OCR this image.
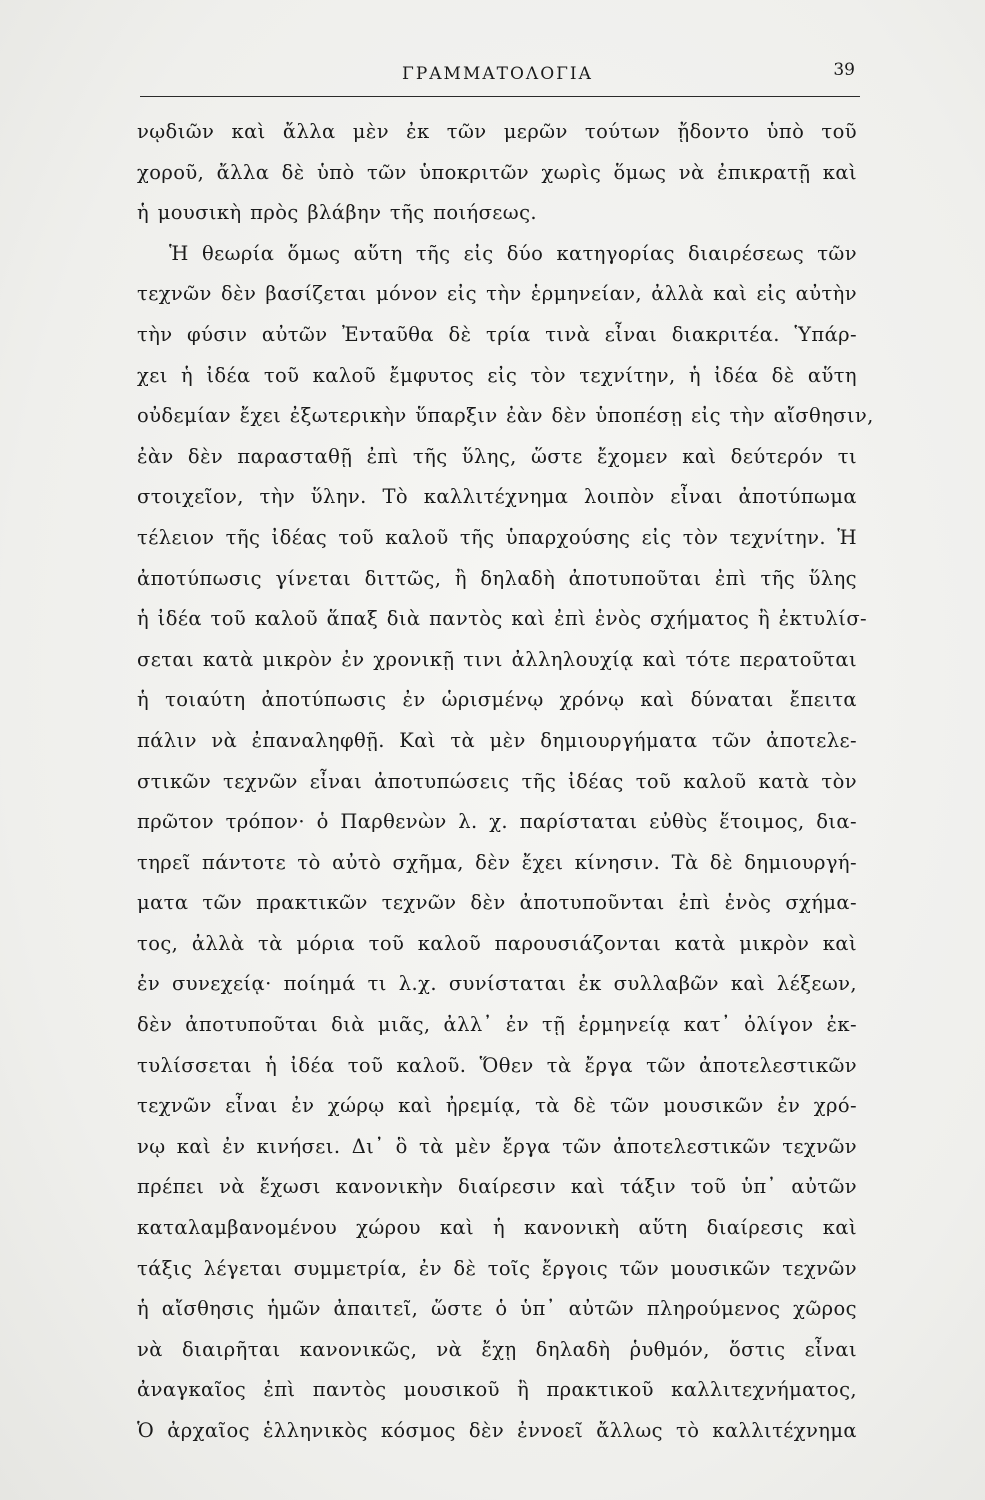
ΓΡΑΜΜΑΤΟΛΟΓΙΑ	39
νῳδιῶν καὶ ἄλλα μὲν ἐκ τῶν μερῶν τούτων ᾔδοντο ὑπὸ τοῦ
χοροῦ, ἄλλα δὲ ὑπὸ τῶν ὑποκριτῶν χωρὶς ὅμως νὰ ἐπικρατῇ καὶ
ἡ μουσικὴ πρὸς βλάβην τῆς ποιήσεως.
Ἡ θεωρία ὅμως αὕτη τῆς εἰς δύο κατηγορίας διαιρέσεως τῶν
τεχνῶν δὲν βασίζεται μόνον εἰς τὴν ἑρμηνείαν, ἀλλὰ καὶ εἰς αὐτὴν
τὴν φύσιν αὐτῶν Ἐνταῦθα δὲ τρία τινὰ εἶναι διακριτέα. Ὑπάρ-
χει ἡ ἰδέα τοῦ καλοῦ ἔμφυτος εἰς τὸν τεχνίτην, ἡ ἰδέα δὲ αὕτη
οὐδεμίαν ἔχει ἐξωτερικὴν ὕπαρξιν ἐὰν δὲν ὑποπέσῃ εἰς τὴν αἴσθησιν,
ἐὰν δὲν παρασταθῇ ἐπὶ τῆς ὕλης, ὥστε ἔχομεν καὶ δεύτερόν τι
στοιχεῖον, τὴν ὕλην. Τὸ καλλιτέχνημα λοιπὸν εἶναι ἀποτύπωμα
τέλειον τῆς ἰδέας τοῦ καλοῦ τῆς ὑπαρχούσης εἰς τὸν τεχνίτην. Ἡ
ἀποτύπωσις γίνεται διττῶς, ἢ δηλαδὴ ἀποτυποῦται ἐπὶ τῆς ὕλης
ἡ ἰδέα τοῦ καλοῦ ἅπαξ διὰ παντὸς καὶ ἐπὶ ἑνὸς σχήματος ἢ ἐκτυλίσ-
σεται κατὰ μικρὸν ἐν χρονικῇ τινι ἀλληλουχίᾳ καὶ τότε περατοῦται
ἡ τοιαύτη ἀποτύπωσις ἐν ὡρισμένῳ χρόνῳ καὶ δύναται ἔπειτα
πάλιν νὰ ἐπαναληφθῇ. Καὶ τὰ μὲν δημιουργήματα τῶν ἀποτελε-
στικῶν τεχνῶν εἶναι ἀποτυπώσεις τῆς ἰδέας τοῦ καλοῦ κατὰ τὸν
πρῶτον τρόπον· ὁ Παρθενὼν λ. χ. παρίσταται εὐθὺς ἕτοιμος, δια-
τηρεῖ πάντοτε τὸ αὐτὸ σχῆμα, δὲν ἔχει κίνησιν. Τὰ δὲ δημιουργή-
ματα τῶν πρακτικῶν τεχνῶν δὲν ἀποτυποῦνται ἐπὶ ἑνὸς σχήμα-
τος, ἀλλὰ τὰ μόρια τοῦ καλοῦ παρουσιάζονται κατὰ μικρὸν καὶ
ἐν συνεχείᾳ· ποίημά τι λ.χ. συνίσταται ἐκ συλλαβῶν καὶ λέξεων,
δὲν ἀποτυποῦται διὰ μιᾶς, ἀλλ᾽ ἐν τῇ ἑρμηνείᾳ κατ᾽ ὀλίγον ἐκ-
τυλίσσεται ἡ ἰδέα τοῦ καλοῦ. Ὅθεν τὰ ἔργα τῶν ἀποτελεστικῶν
τεχνῶν εἶναι ἐν χώρῳ καὶ ἠρεμίᾳ, τὰ δὲ τῶν μουσικῶν ἐν χρό-
νῳ καὶ ἐν κινήσει. Δι᾽ ὃ τὰ μὲν ἔργα τῶν ἀποτελεστικῶν τεχνῶν
πρέπει νὰ ἔχωσι κανονικὴν διαίρεσιν καὶ τάξιν τοῦ ὑπ᾽ αὐτῶν
καταλαμβανομένου χώρου καὶ ἡ κανονικὴ αὕτη διαίρεσις καὶ
τάξις λέγεται συμμετρία, ἐν δὲ τοῖς ἔργοις τῶν μουσικῶν τεχνῶν
ἡ αἴσθησις ἡμῶν ἀπαιτεῖ, ὥστε ὁ ὑπ᾽ αὐτῶν πληρούμενος χῶρος
νὰ διαιρῆται κανονικῶς, νὰ ἔχῃ δηλαδὴ ῥυθμόν, ὅστις εἶναι
ἀναγκαῖος ἐπὶ παντὸς μουσικοῦ ἢ πρακτικοῦ καλλιτεχνήματος,
Ὁ ἀρχαῖος ἑλληνικὸς κόσμος δὲν ἐννοεῖ ἄλλως τὸ καλλιτέχνημα
